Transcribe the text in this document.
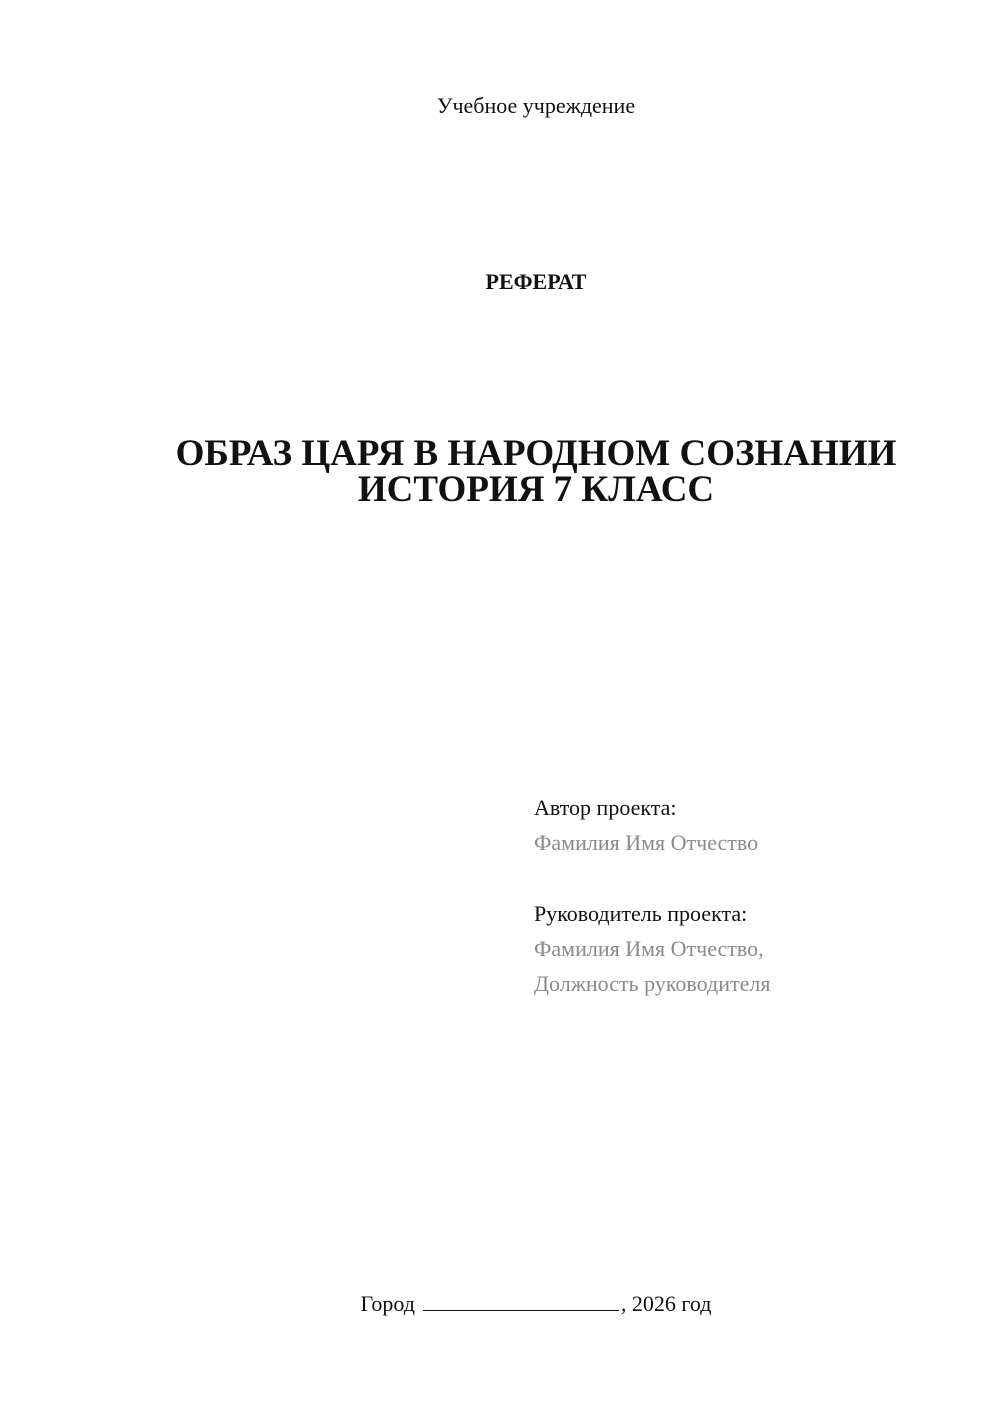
Учебное учреждение
РЕФЕРАТ
ОБРАЗ ЦАРЯ В НАРОДНОМ СОЗНАНИИ
ИСТОРИЯ 7 КЛАСС
Автор проекта:
Фамилия Имя Отчество
Руководитель проекта:
Фамилия Имя Отчество,
Должность руководителя
Город	, 2026 год
